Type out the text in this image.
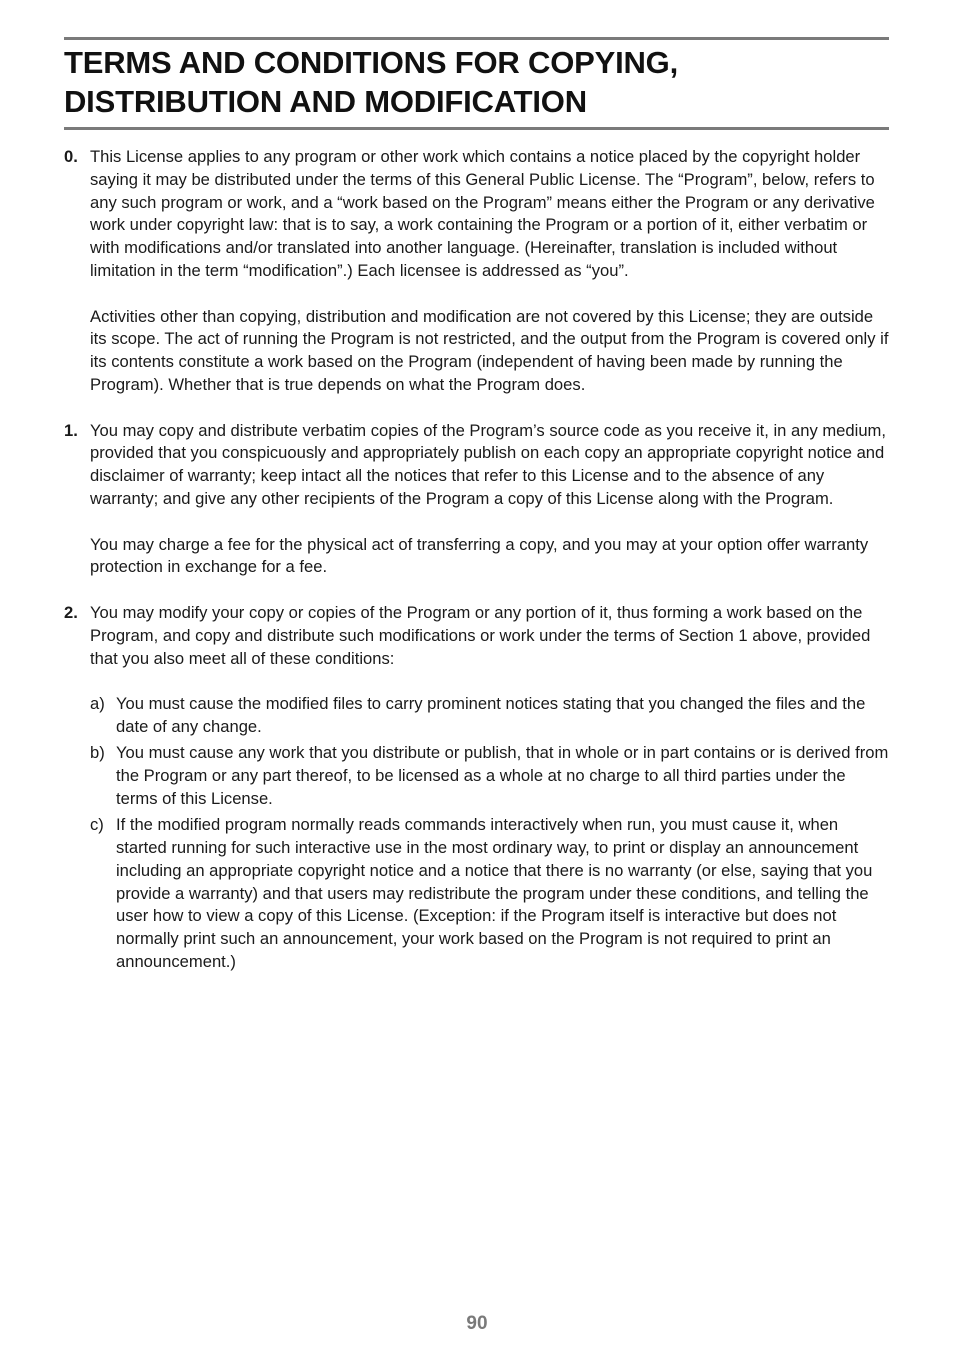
TERMS AND CONDITIONS FOR COPYING,
DISTRIBUTION AND MODIFICATION
0. This License applies to any program or other work which contains a notice placed by the copyright holder saying it may be distributed under the terms of this General Public License. The “Program”, below, refers to any such program or work, and a “work based on the Program” means either the Program or any derivative work under copyright law: that is to say, a work containing the Program or a portion of it, either verbatim or with modifications and/or translated into another language. (Hereinafter, translation is included without limitation in the term “modification”.) Each licensee is addressed as “you”.

Activities other than copying, distribution and modification are not covered by this License; they are outside its scope. The act of running the Program is not restricted, and the output from the Program is covered only if its contents constitute a work based on the Program (independent of having been made by running the Program). Whether that is true depends on what the Program does.

1. You may copy and distribute verbatim copies of the Program’s source code as you receive it, in any medium, provided that you conspicuously and appropriately publish on each copy an appropriate copyright notice and disclaimer of warranty; keep intact all the notices that refer to this License and to the absence of any warranty; and give any other recipients of the Program a copy of this License along with the Program.

You may charge a fee for the physical act of transferring a copy, and you may at your option offer warranty protection in exchange for a fee.

2. You may modify your copy or copies of the Program or any portion of it, thus forming a work based on the Program, and copy and distribute such modifications or work under the terms of Section 1 above, provided that you also meet all of these conditions:

a) You must cause the modified files to carry prominent notices stating that you changed the files and the date of any change.
b) You must cause any work that you distribute or publish, that in whole or in part contains or is derived from the Program or any part thereof, to be licensed as a whole at no charge to all third parties under the terms of this License.
c) If the modified program normally reads commands interactively when run, you must cause it, when started running for such interactive use in the most ordinary way, to print or display an announcement including an appropriate copyright notice and a notice that there is no warranty (or else, saying that you provide a warranty) and that users may redistribute the program under these conditions, and telling the user how to view a copy of this License. (Exception: if the Program itself is interactive but does not normally print such an announcement, your work based on the Program is not required to print an announcement.)
90
